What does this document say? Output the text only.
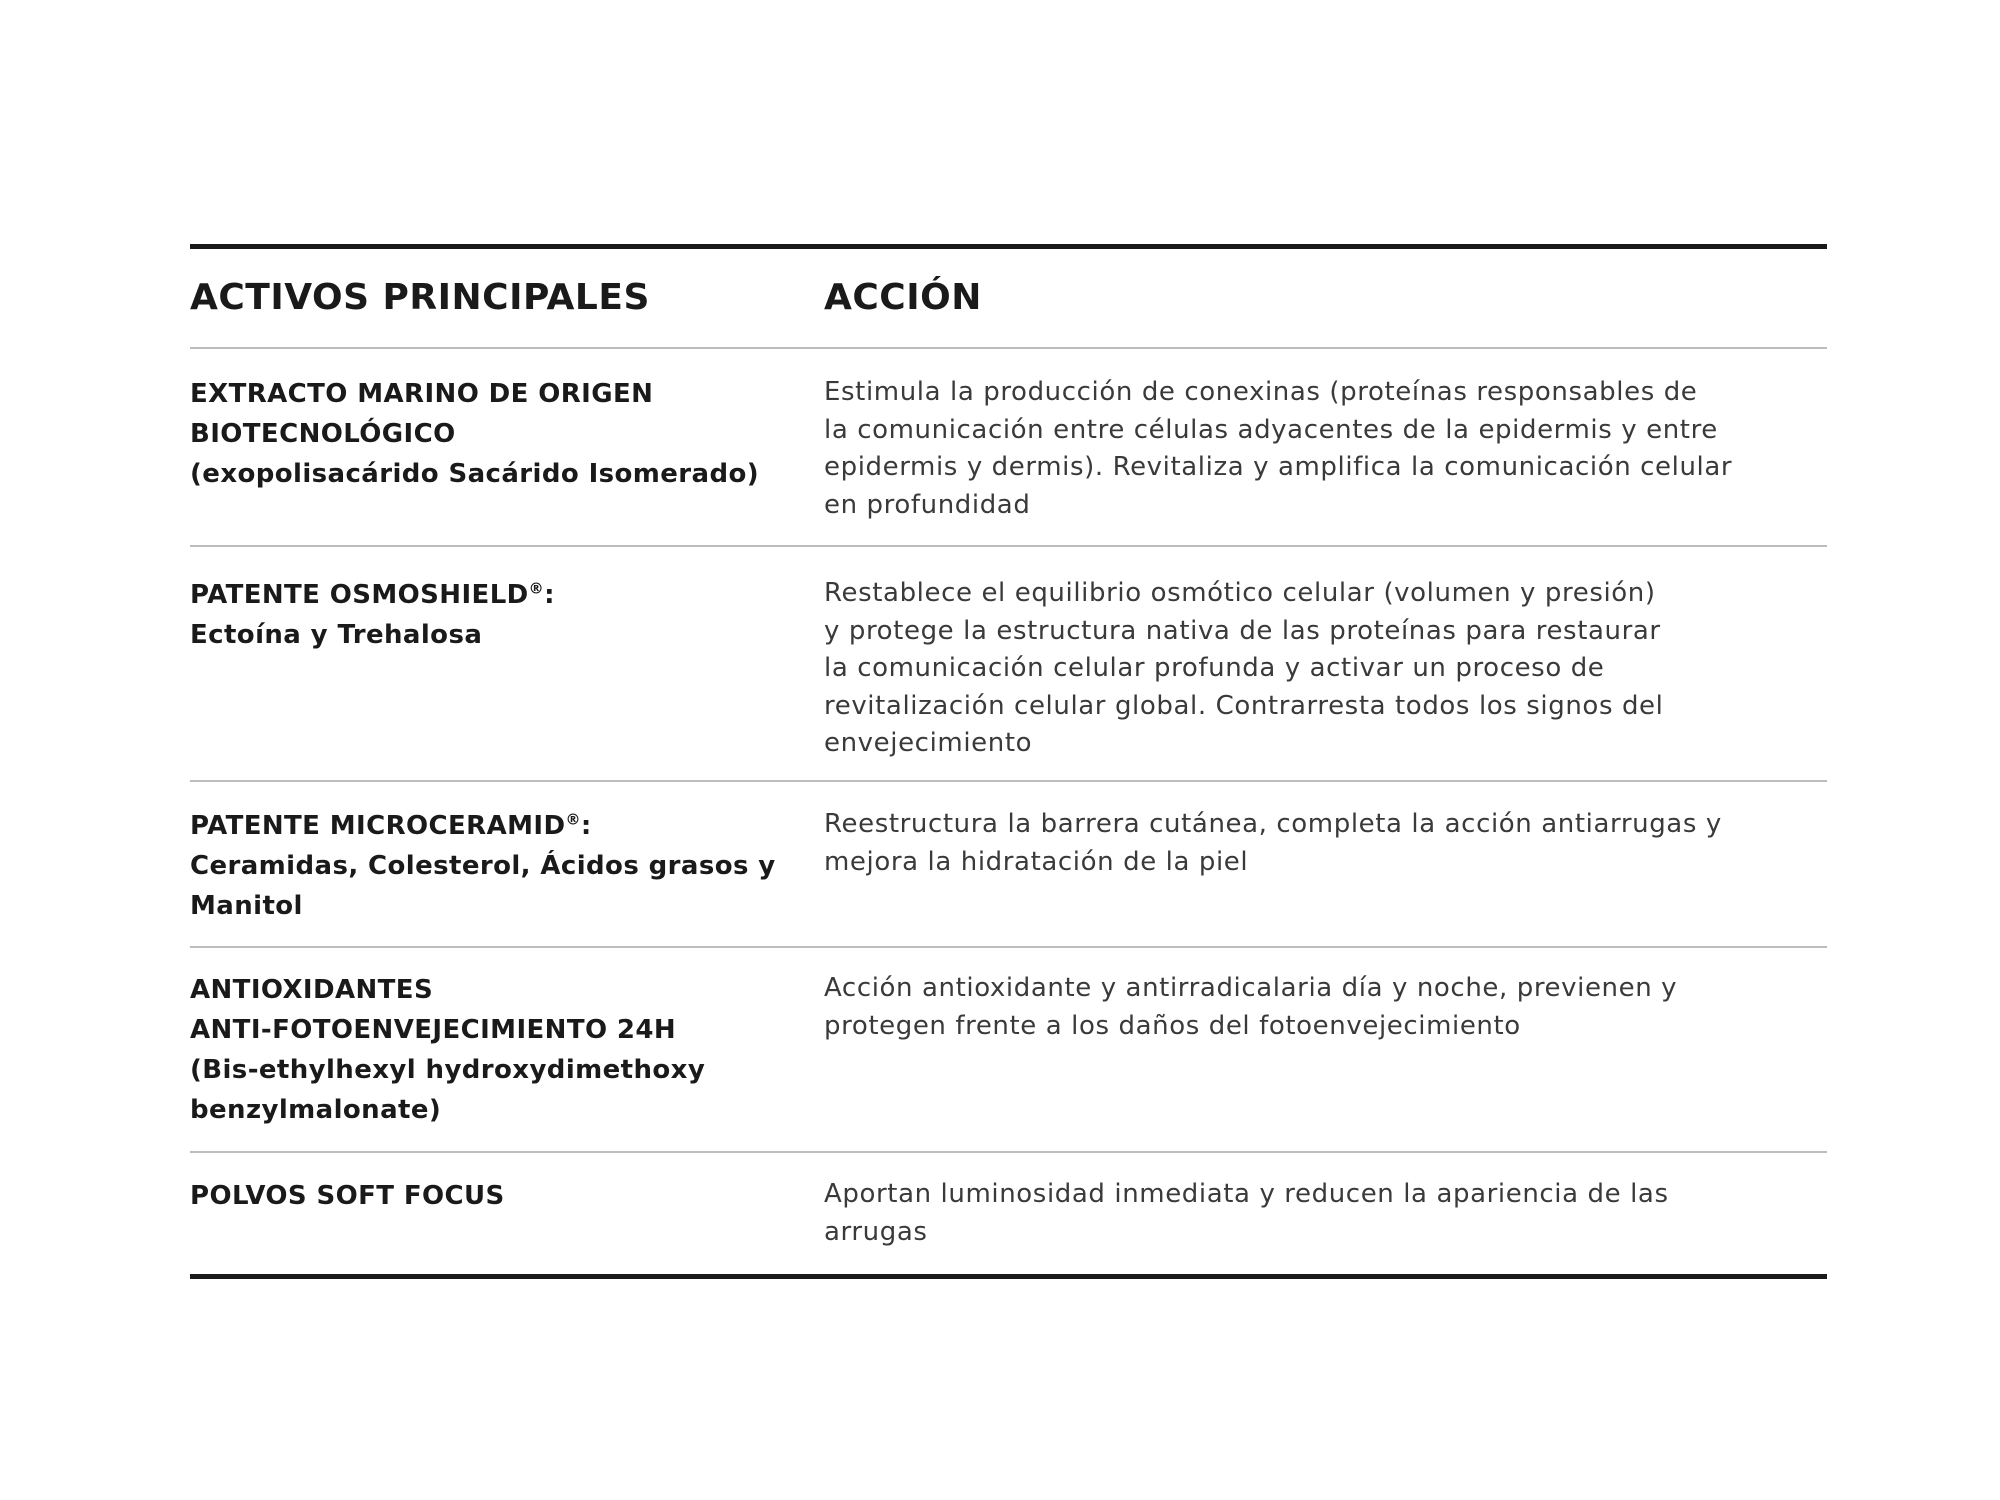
ACTIVOS PRINCIPALES	ACCIÓN
EXTRACTO MARINO DE ORIGEN
BIOTECNOLÓGICO
(exopolisacárido Sacárido Isomerado)
Estimula la producción de conexinas (proteínas responsables de
la comunicación entre células adyacentes de la epidermis y entre
epidermis y dermis). Revitaliza y amplifica la comunicación celular
en profundidad
PATENTE OSMOSHIELD®:
Ectoína y Trehalosa
Restablece el equilibrio osmótico celular (volumen y presión)
y protege la estructura nativa de las proteínas para restaurar
la comunicación celular profunda y activar un proceso de
revitalización celular global. Contrarresta todos los signos del
envejecimiento
PATENTE MICROCERAMID®:
Ceramidas, Colesterol, Ácidos grasos y
Manitol
Reestructura la barrera cutánea, completa la acción antiarrugas y
mejora la hidratación de la piel
ANTIOXIDANTES
ANTI-FOTOENVEJECIMIENTO 24H
(Bis-ethylhexyl hydroxydimethoxy
benzylmalonate)
Acción antioxidante y antirradicalaria día y noche, previenen y
protegen frente a los daños del fotoenvejecimiento
POLVOS SOFT FOCUS	Aportan luminosidad inmediata y reducen la apariencia de las
arrugas
